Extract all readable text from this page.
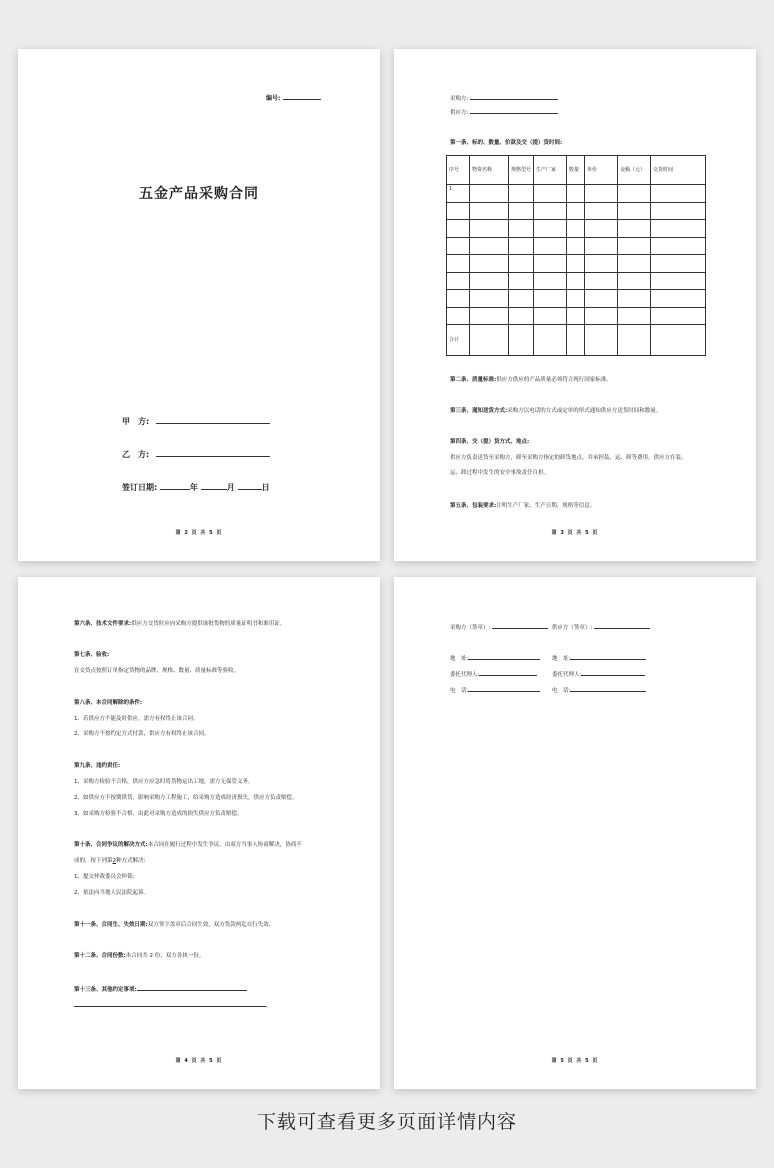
编号:
五金产品采购合同
甲　方:
乙　方:
签订日期:	年	月	日
第 2 页 共 5 页
采购方:
供应方:
第一条、标的、数量、价款及交（提）货时间:
序号	物资名称	规格型号	生产厂家	数量	单价	金额（元）	交货时间
1							

合计							
第二条、质量标准:供应方供应的产品质量必须符合现行国家标准。
第三条、通知送货方式:采购方以电话的方式或定单的形式通知供应方送货时间和数量。
第四条、交（提）货方式、地点:
供应方负责送货至采购方，卸至采购方指定的卸货地点，并承担装、运、卸等费用。供应方在装、
运、卸过程中发生的安全事故责任自担。
第五条、包装要求:注明生产厂家、生产日期、规格等信息。
第 3 页 共 5 页
第六条、技术文件要求:供应方交货时应向采购方提供该批货物的质量证明书和准用证。
第七条、验收:
在交货点按照订单指定货物的品牌、规格、数量、质量标准等验收。
第八条、本合同解除的条件:
1、若供应方不能及时供应，需方有权终止该合同。
2、采购方不按约定方式付款，供应方有权终止该合同。
第九条、违约责任:
1、采购方检验不合格，供应方应急时将货物运出工地，需方无保管义务。
2、如供应方不按期供货，影响采购方工程施工，给采购方造成经济损失，供应方负责赔偿。
3、如采购方检验不合格，由此对采购方造成的损失供应方负责赔偿。
第十条、合同争议的解决方式:本合同在履行过程中发生争议，由双方当事人协商解决，协商不
成的，按下列第2种方式解决:
1、提交仲裁委员会仲裁;
2、依法向当地人民法院起诉。
第十一条、合同生、失效日期:双方签字盖章后合同生效，双方货款两迄自行失效。
第十二条、合同份数:本合同共 2 份，双方各执一份。
第十三条、其他约定事项:
。
第 4 页 共 5 页
采购方（签章）:	供应方（签章）:
地　址:	地　址:
委托代理人:	委托代理人:
电　话:	电　话:
第 5 页 共 5 页
下载可查看更多页面详情内容
